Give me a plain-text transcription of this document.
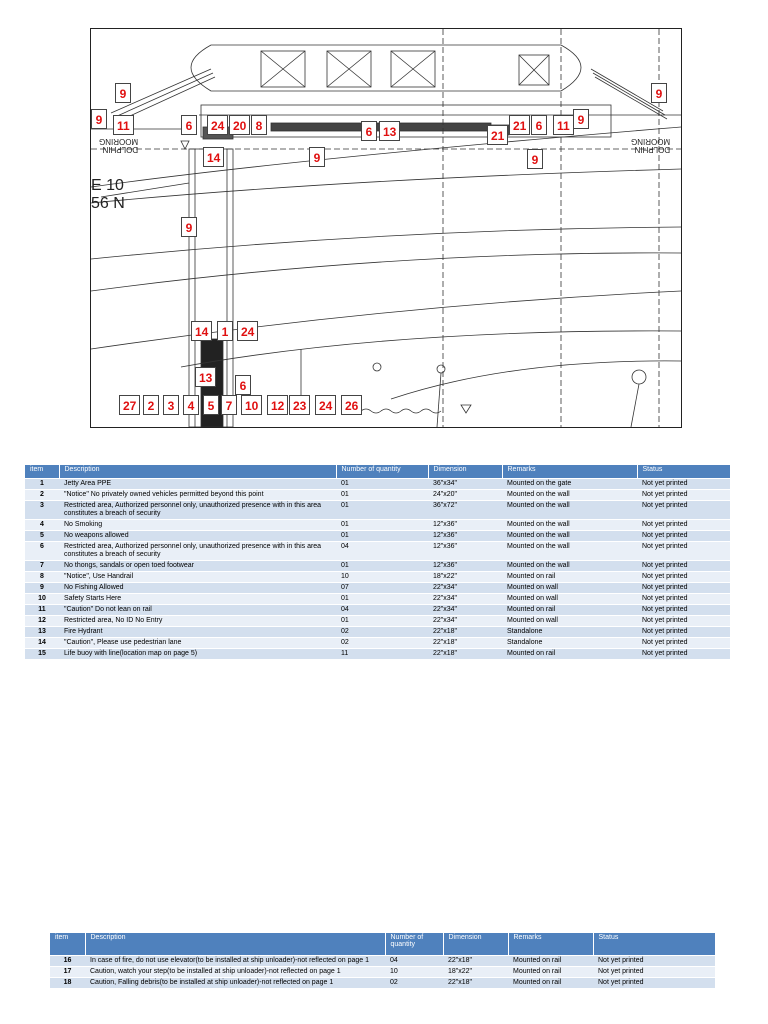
MOORING
DOLPHIN
MOORING
DOLPHIN
E 10
56 N
9
9	11	6	24 20 8	6 13	21
21 6	11 9
9
14	9	9
9
14	1	24
13
6
27 2	3	4	5 7	10	12 23	24	26
item	Description	Number of quantity	Dimension	Remarks	Status
1	Jetty Area PPE	01	36"x34"	Mounted on the gate	Not yet printed
2	"Notice" No privately owned vehicles permitted beyond this point	01	24"x20"	Mounted on the wall	Not yet printed
3	Restricted area, Authorized personnel only, unauthorized presence with in this area constitutes a breach of security	01	36"x72"	Mounted on the wall	Not yet printed
4	No Smoking	01	12"x36"	Mounted on the wall	Not yet printed
5	No weapons allowed	01	12"x36"	Mounted on the wall	Not yet printed
6	Restricted area, Authorized personnel only, unauthorized presence with in this area constitutes a breach of security	04	12"x36"	Mounted on the wall	Not yet printed
7	No thongs, sandals or open toed footwear	01	12"x36"	Mounted on the wall	Not yet printed
8	"Notice", Use Handrail	10	18"x22"	Mounted on rail	Not yet printed
9	No Fishing Allowed	07	22"x34"	Mounted on wall	Not yet printed
10	Safety Starts Here	01	22"x34"	Mounted on wall	Not yet printed
11	"Caution" Do not lean on rail	04	22"x34"	Mounted on rail	Not yet printed
12	Restricted area, No ID No Entry	01	22"x34"	Mounted on wall	Not yet printed
13	Fire Hydrant	02	22"x18"	Standalone	Not yet printed
14	"Caution", Please use pedestrian lane	02	22"x18"	Standalone	Not yet printed
15	Life buoy with line(location map on page 5)	11	22"x18"	Mounted on rail	Not yet printed
item	Description	Number of quantity	Dimension	Remarks	Status
16	In case of fire, do not use elevator(to be installed at ship unloader)-not reflected on page 1	04	22"x18"	Mounted on rail	Not yet printed
17	Caution, watch your step(to be installed at ship unloader)-not reflected on page 1	10	18"x22"	Mounted on rail	Not yet printed
18	Caution, Falling debris(to be installed at ship unloader)-not reflected on page 1	02	22"x18"	Mounted on rail	Not yet printed
